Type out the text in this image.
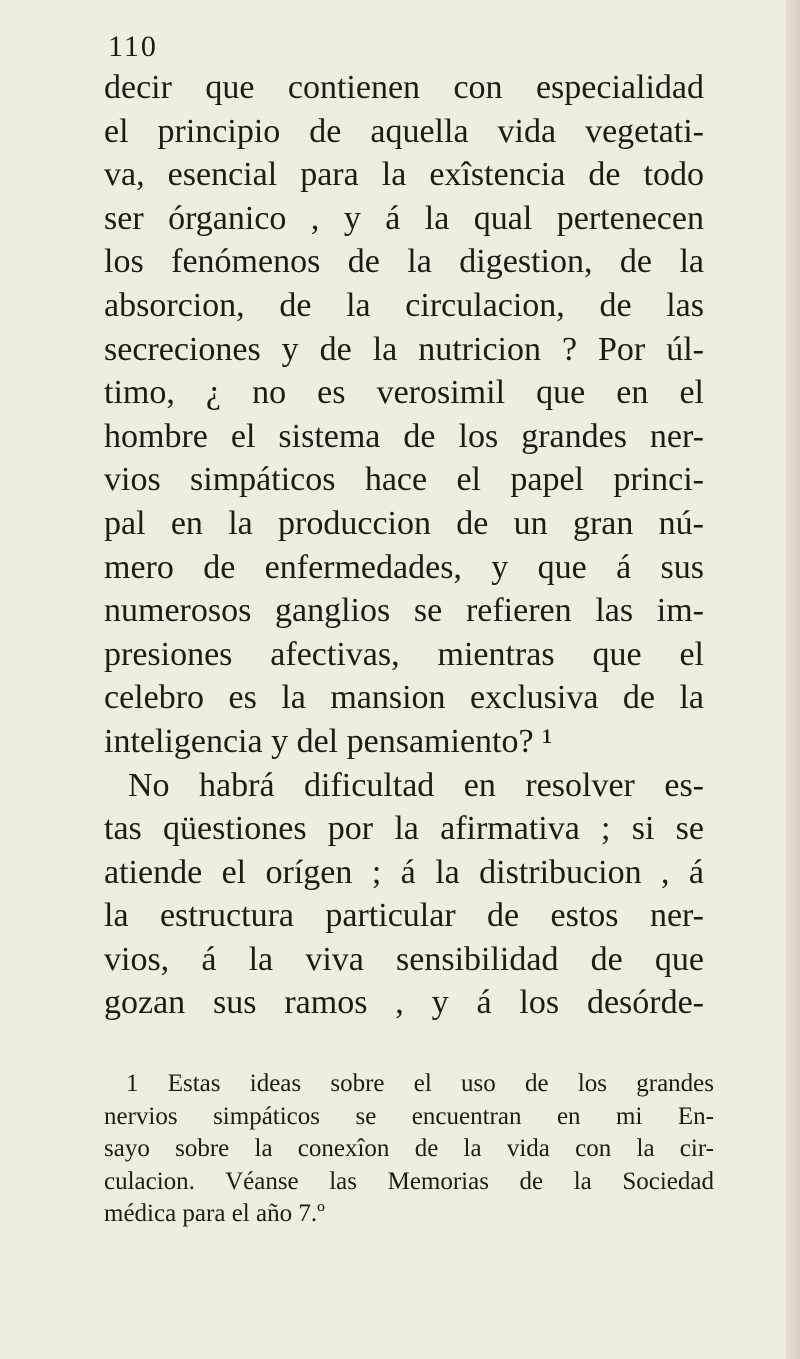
110
decir que contienen con especialidad
el principio de aquella vida vegetati-
va, esencial para la exîstencia de todo
ser órganico , y á la qual pertenecen
los fenómenos de la digestion, de la
absorcion, de la circulacion, de las
secreciones y de la nutricion ? Por úl-
timo, ¿ no es verosimil que en el
hombre el sistema de los grandes ner-
vios simpáticos hace el papel princi-
pal en la produccion de un gran nú-
mero de enfermedades, y que á sus
numerosos ganglios se refieren las im-
presiones afectivas, mientras que el
celebro es la mansion exclusiva de la
inteligencia y del pensamiento? ¹
No habrá dificultad en resolver es-
tas qüestiones por la afirmativa ; si se
atiende el orígen ; á la distribucion , á
la estructura particular de estos ner-
vios, á la viva sensibilidad de que
gozan sus ramos , y á los desórde-
1 Estas ideas sobre el uso de los grandes
nervios simpáticos se encuentran en mi En-
sayo sobre la conexîon de la vida con la cir-
culacion. Véanse las Memorias de la Sociedad
médica para el año 7.º
